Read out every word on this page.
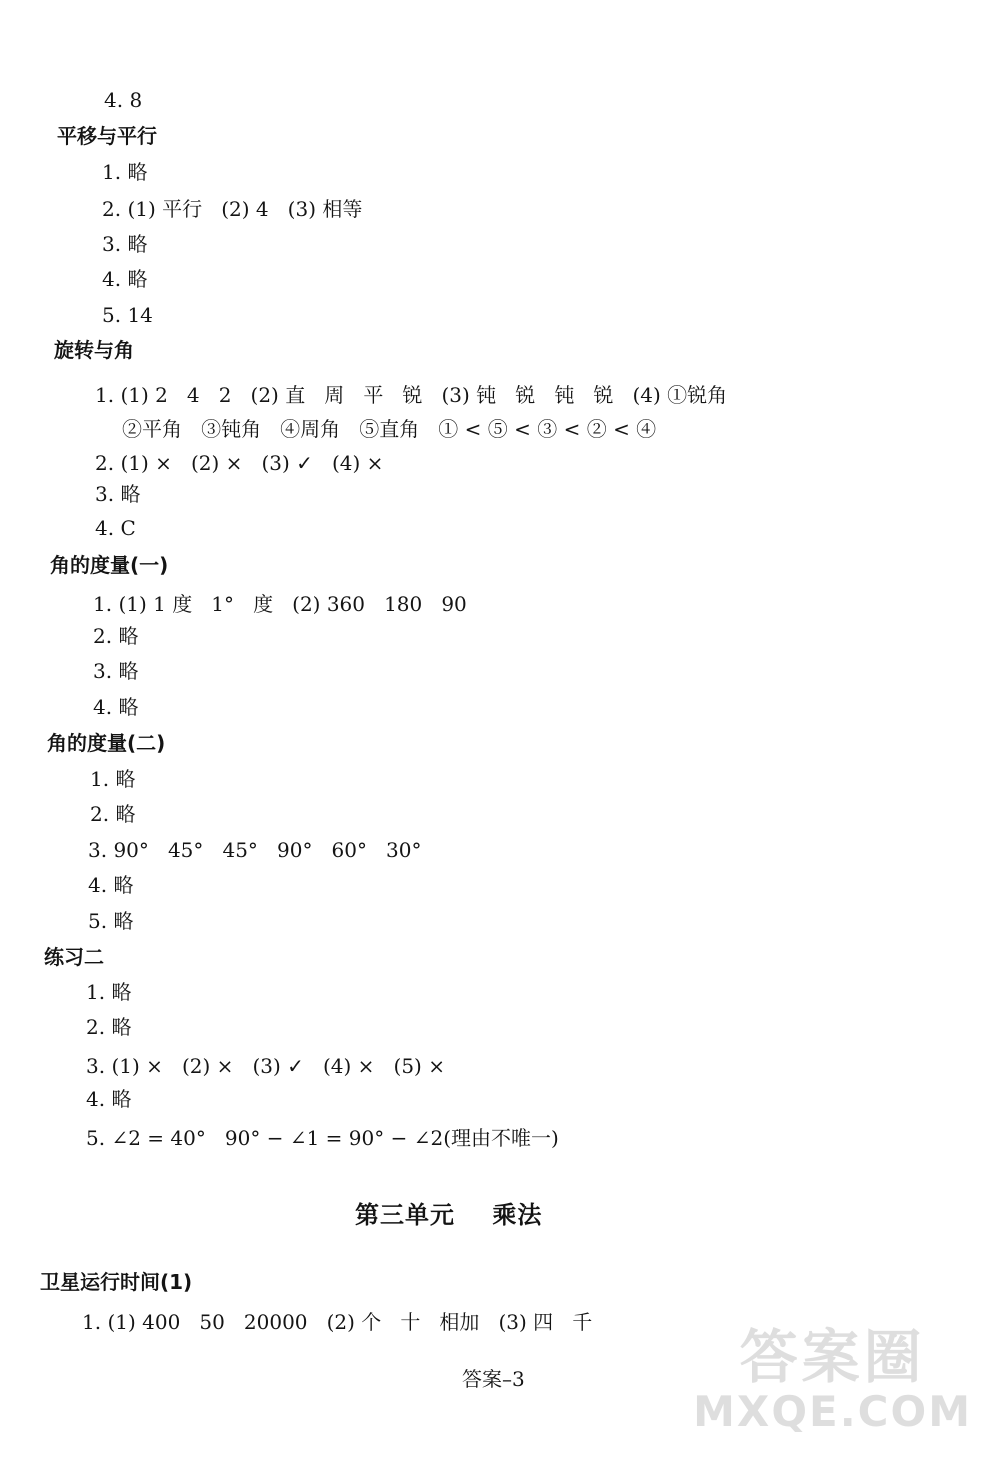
4. 8
平移与平行
1. 略
2. (1) 平行   (2) 4   (3) 相等
3. 略
4. 略
5. 14
旋转与角
1. (1) 2   4   2   (2) 直   周   平   锐   (3) 钝   锐   钝   锐   (4) ①锐角
②平角   ③钝角   ④周角   ⑤直角   ① < ⑤ < ③ < ② < ④
2. (1) ×   (2) ×   (3) ✓   (4) ×
3. 略
4. C
角的度量(一)
1. (1) 1 度   1°   度   (2) 360   180   90
2. 略
3. 略
4. 略
角的度量(二)
1. 略
2. 略
3. 90°   45°   45°   90°   60°   30°
4. 略
5. 略
练习二
1. 略
2. 略
3. (1) ×   (2) ×   (3) ✓   (4) ×   (5) ×
4. 略
5. ∠2 = 40°   90° − ∠1 = 90° − ∠2(理由不唯一)
第三单元    乘法
卫星运行时间(1)
1. (1) 400   50   20000   (2) 个   十   相加   (3) 四   千
答案–3	答案圈
MXQE.COM
